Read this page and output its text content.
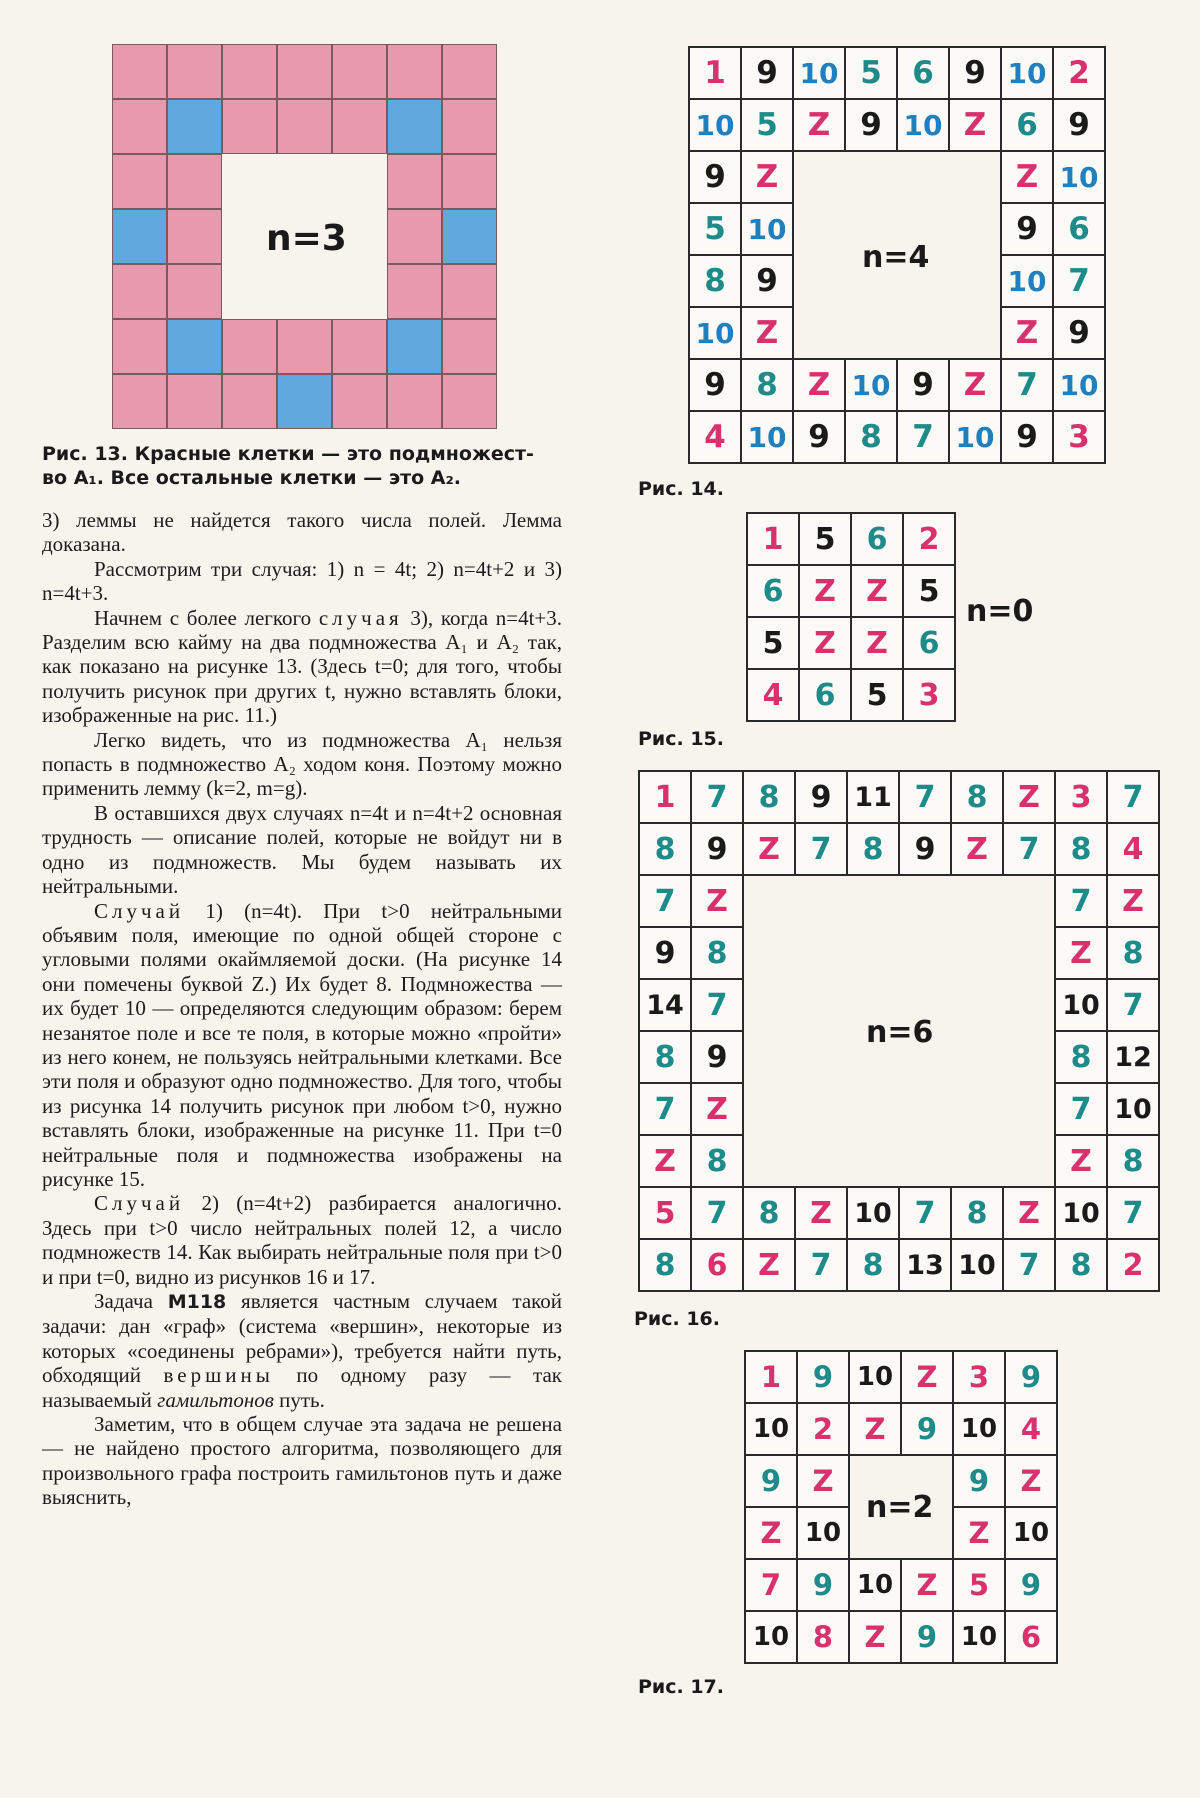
n=3
Рис. 13. Красные клетки — это подмножест-
во А₁. Все остальные клетки — это А₂.
1 9 10 5 6 9 10 2
10 5 Z 9 10 Z 6 9
9 Z	Z 10
5 10	9 6
8 9	10 7
10 Z	Z 9
9 8 Z 10 9 Z 7 10
4 10 9 8 7 10 9 3
n=4
Рис. 14.
1	5	6	2
6	Z	Z	5
5	Z	Z	6
4	6	5	3
n=0
Рис. 15.
1	7	8	9 11 7	8	Z	3	7
8	9	Z	7	8	9	Z	7	8	4
7	Z	7	Z
9	8	Z	8
14 7	10 7
8	9	8 12
7	Z	7 10
Z	8	Z	8
5	7	8	Z 10 7	8	Z 10 7
8	6	Z	7	8 13 10 7	8	2
n=6
Рис. 16.
1	9 10 Z	3	9
10 2	Z	9 10 4
9	Z	9	Z
Z 10	Z 10
7	9 10 Z	5	9
10 8	Z	9 10 6
n=2
Рис. 17.

3) леммы не найдется такого числа полей. Лемма доказана.

Рассмотрим три случая: 1) n = 4t; 2) n=4t+2 и 3) n=4t+3.

Начнем с более легкого случая 3), когда n=4t+3. Разделим всю кайму на два подмножества A₁ и A₂ так, как показано на рисунке 13. (Здесь t=0; для того, чтобы получить рисунок при других t, нужно вставлять блоки, изображенные на рис. 11.)

Легко видеть, что из подмножества A₁ нельзя попасть в подмножество A₂ ходом коня. Поэтому можно применить лемму (k=2, m=g).

В оставшихся двух случаях n=4t и n=4t+2 основная трудность — описание полей, которые не войдут ни в одно из подмножеств. Мы будем называть их нейтральными.

Случай 1) (n=4t). При t>0 нейтральными объявим поля, имеющие по одной общей стороне с угловыми полями окаймляемой доски. (На рисунке 14 они помечены буквой Z.) Их будет 8. Подмножества — их будет 10 — определяются следующим образом: берем незанятое поле и все те поля, в которые можно «пройти» из него конем, не пользуясь нейтральными клетками. Все эти поля и образуют одно подмножество. Для того, чтобы из рисунка 14 получить рисунок при любом t>0, нужно вставлять блоки, изображенные на рисунке 11. При t=0 нейтральные поля и подмножества изображены на рисунке 15.

Случай 2) (n=4t+2) разбирается аналогично. Здесь при t>0 число нейтральных полей 12, а число подмножеств 14. Как выбирать нейтральные поля при t>0 и при t=0, видно из рисунков 16 и 17.

Задача M118 является частным случаем такой задачи: дан «граф» (система «вершин», некоторые из которых «соединены ребрами»), требуется найти путь, обходящий вершины по одному разу — так называемый гамильтонов путь.

Заметим, что в общем случае эта задача не решена — не найдено простого алгоритма, позволяющего для произвольного графа построить гамильтонов путь и даже выяснить,
